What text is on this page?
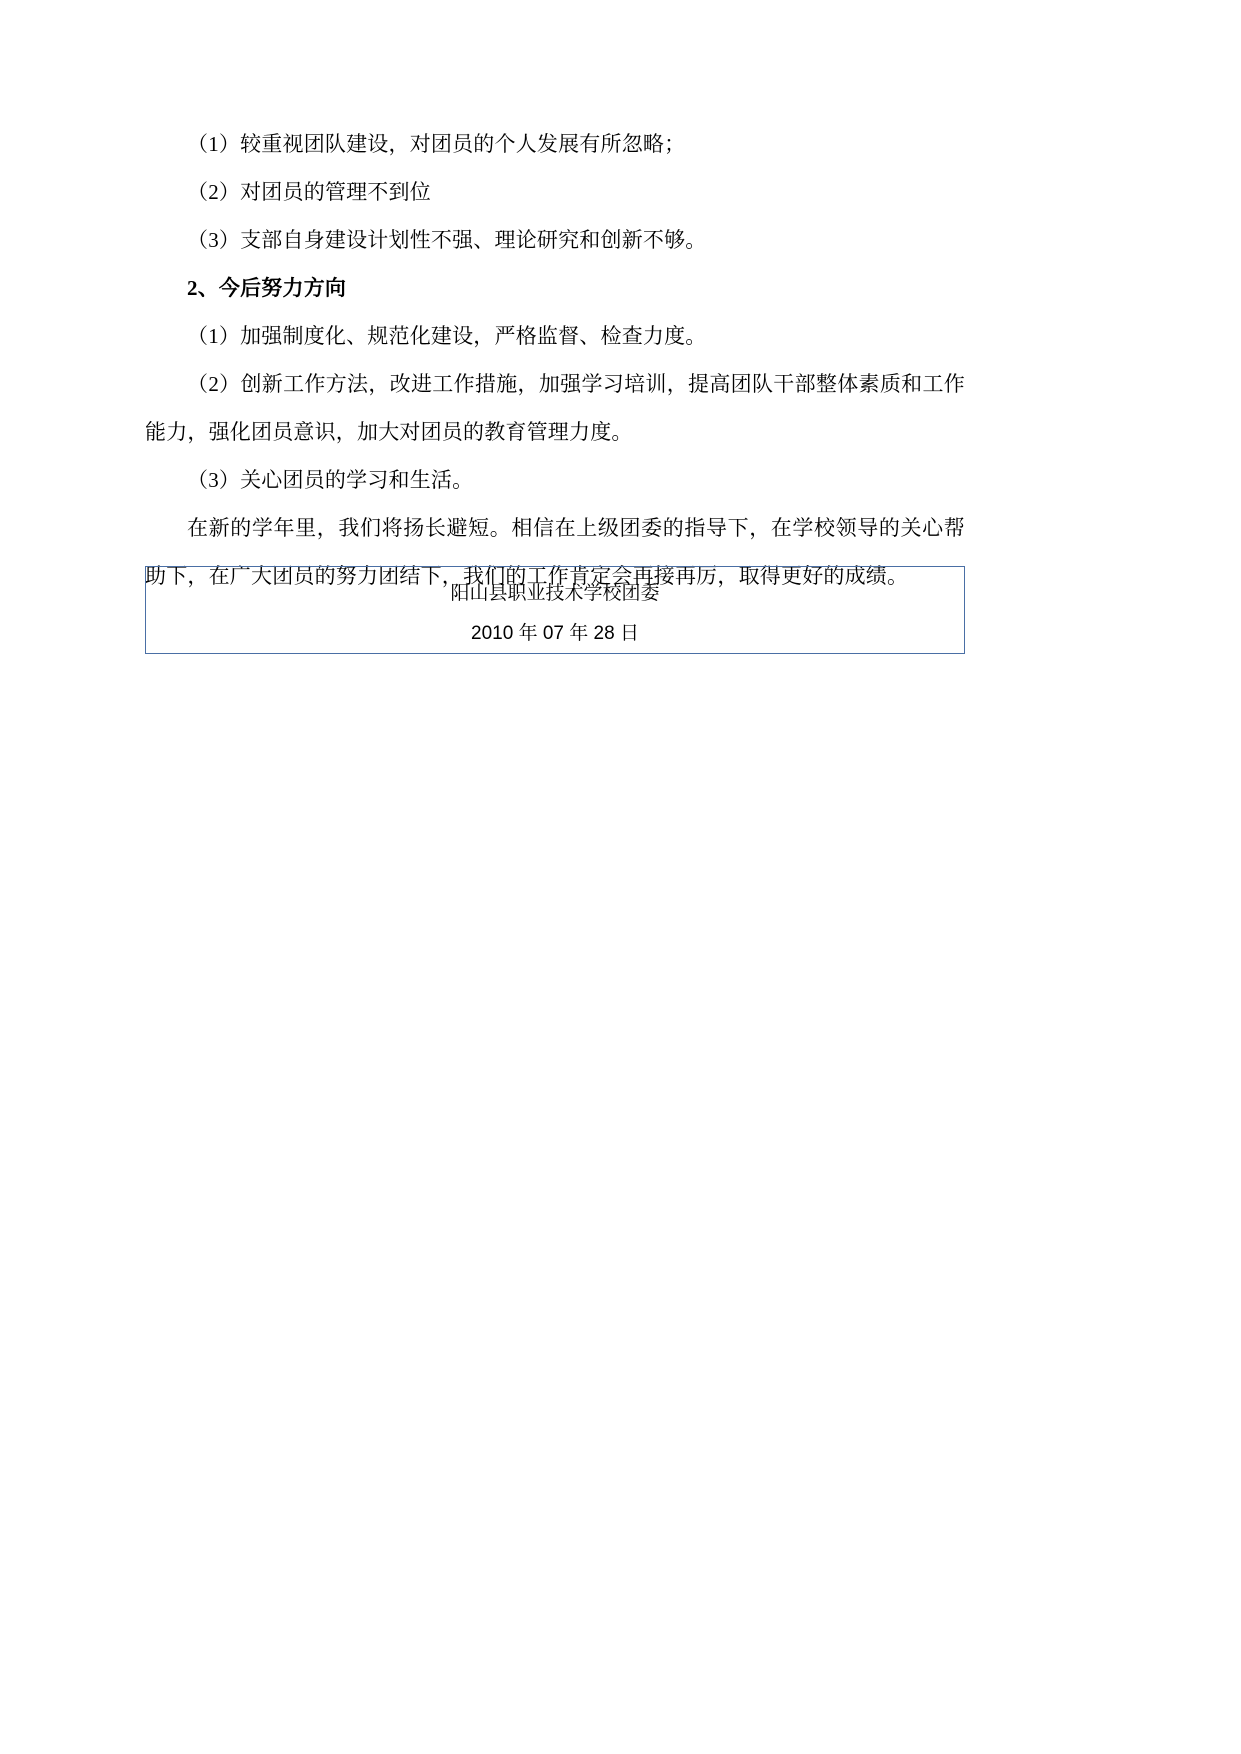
（1）较重视团队建设，对团员的个人发展有所忽略；

（2）对团员的管理不到位

（3）支部自身建设计划性不强、理论研究和创新不够。

2、今后努力方向

（1）加强制度化、规范化建设，严格监督、检查力度。

（2）创新工作方法，改进工作措施，加强学习培训，提高团队干部整体素质和工作能力，强化团员意识，加大对团员的教育管理力度。

（3）关心团员的学习和生活。

在新的学年里，我们将扬长避短。相信在上级团委的指导下，在学校领导的关心帮助下，在广大团员的努力团结下，我们的工作肯定会再接再厉，取得更好的成绩。

阳山县职业技术学校团委
2010 年 07 年 28 日
